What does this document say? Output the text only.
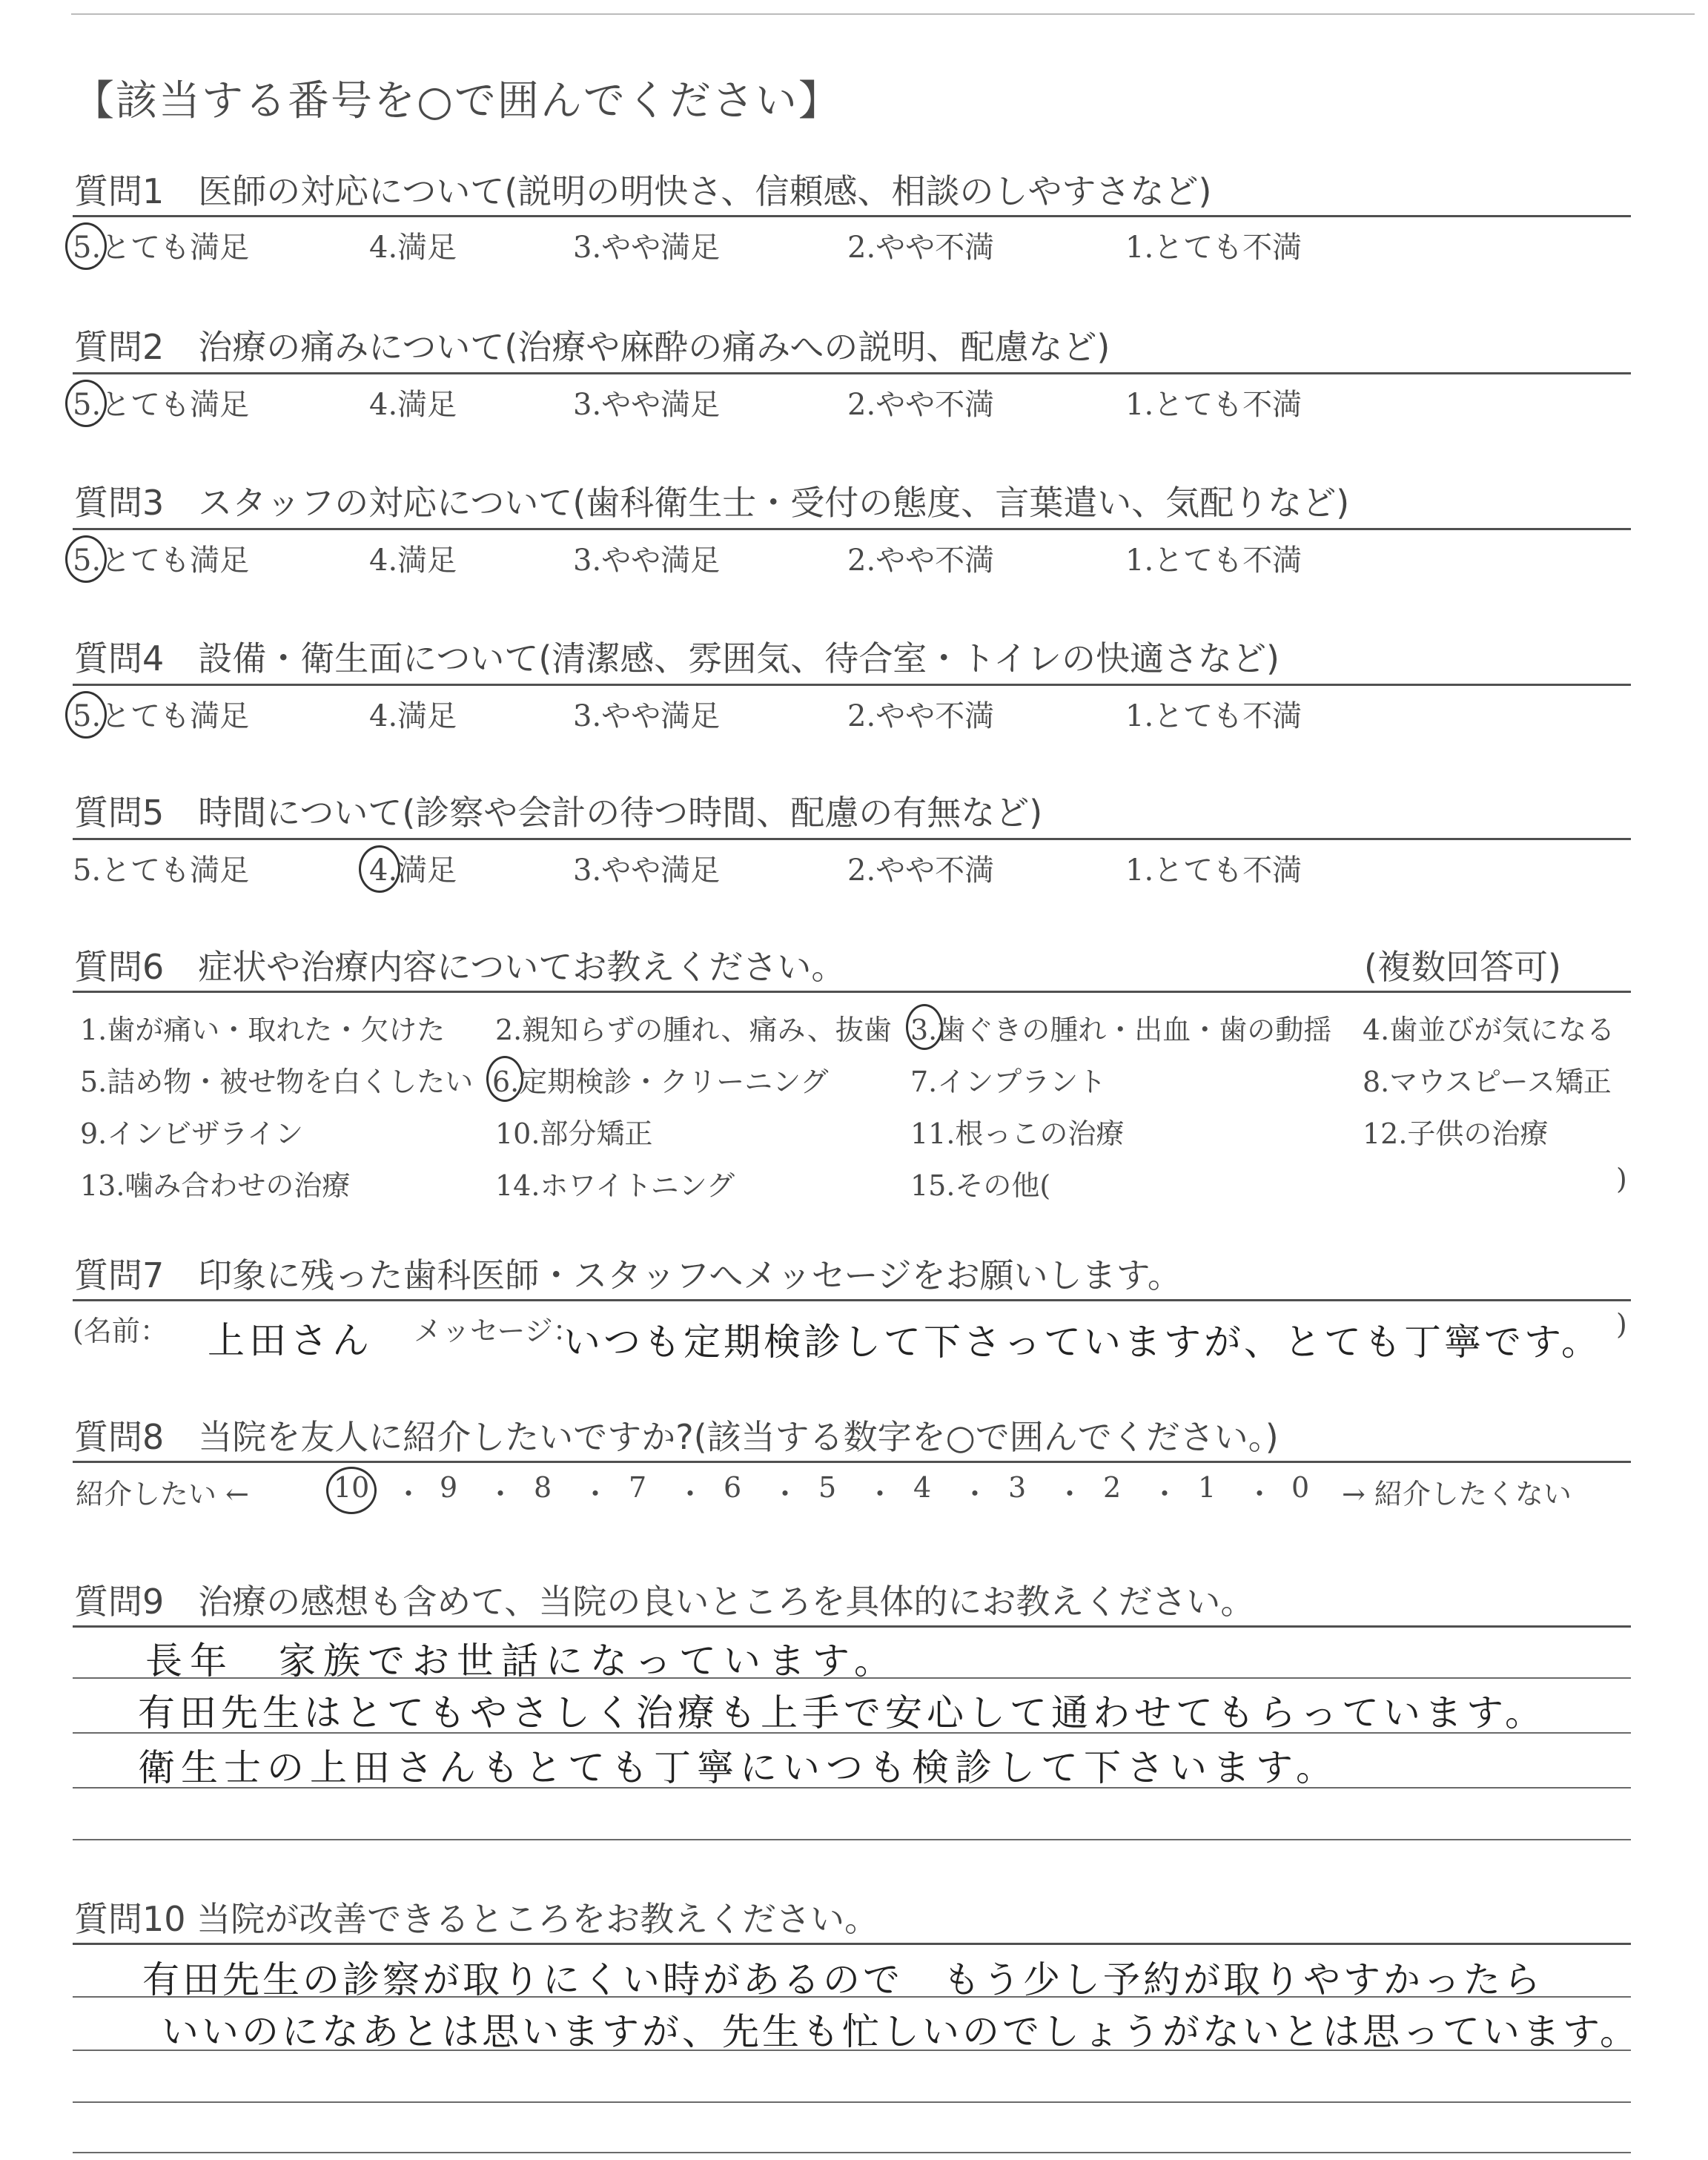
【該当する番号を○で囲んでください】
質問1　医師の対応について(説明の明快さ、信頼感、相談のしやすさなど)
5.とても満足	4.満足	3.やや満足	2.やや不満	1.とても不満
質問2　治療の痛みについて(治療や麻酔の痛みへの説明、配慮など)
5.とても満足	4.満足	3.やや満足	2.やや不満	1.とても不満
質問3　スタッフの対応について(歯科衛生士・受付の態度、言葉遣い、気配りなど)
5.とても満足	4.満足	3.やや満足	2.やや不満	1.とても不満
質問4　設備・衛生面について(清潔感、雰囲気、待合室・トイレの快適さなど)
5.とても満足	4.満足	3.やや満足	2.やや不満	1.とても不満
質問5　時間について(診察や会計の待つ時間、配慮の有無など)
5.とても満足	4.満足	3.やや満足	2.やや不満	1.とても不満
質問6　症状や治療内容についてお教えください。	(複数回答可)
1.歯が痛い・取れた・欠けた 2.親知らずの腫れ、痛み、抜歯 3.歯ぐきの腫れ・出血・歯の動揺 4.歯並びが気になる
5.詰め物・被せ物を白くしたい 6.定期検診・クリーニング	7.インプラント	8.マウスピース矯正
9.インビザライン	10.部分矯正	11.根っこの治療	12.子供の治療
13.噛み合わせの治療	14.ホワイトニング	15.その他(	)
質問7　印象に残った歯科医師・スタッフへメッセージをお願いします。
(名前： 上田さん メッセージ：
いつも定期検診して下さっていますが、とても丁寧です。 )
質問8　当院を友人に紹介したいですか?(該当する数字を○で囲んでください。)
紹介したい ←	10 ・ 9 ・ 8 ・ 7 ・ 6 ・ 5 ・ 4 ・ 3 ・ 2 ・ 1 ・ 0 → 紹介したくない
質問9　治療の感想も含めて、当院の良いところを具体的にお教えください。
長年　家族でお世話になっています。
有田先生はとてもやさしく治療も上手で安心して通わせてもらっています。
衛生士の上田さんもとても丁寧にいつも検診して下さいます。
質問10 当院が改善できるところをお教えください。
有田先生の診察が取りにくい時があるので　もう少し予約が取りやすかったら
いいのになあとは思いますが、先生も忙しいのでしょうがないとは思っています。
